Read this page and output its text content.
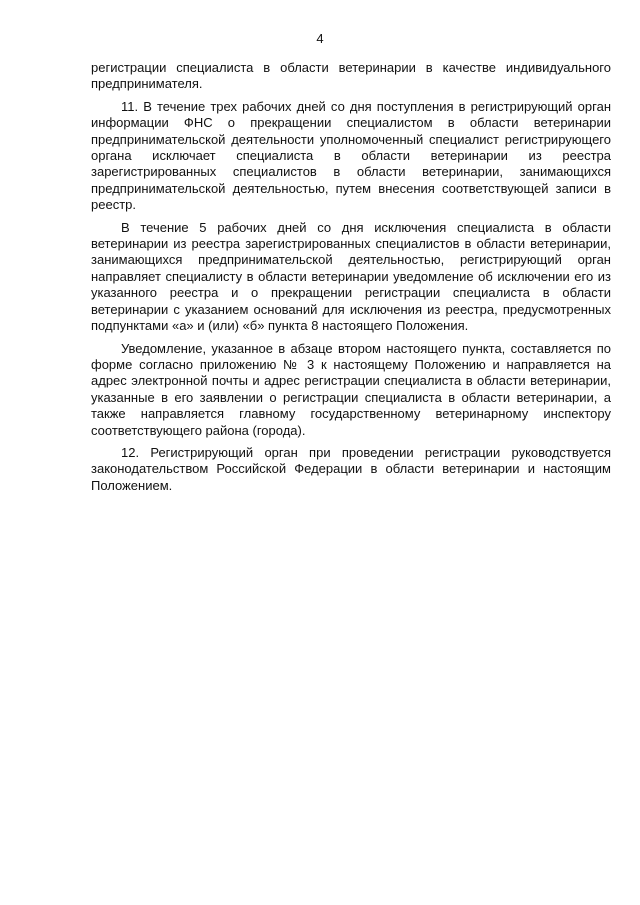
4

регистрации специалиста в области ветеринарии в качестве индивидуального предпринимателя.

11. В течение трех рабочих дней со дня поступления в регистрирующий орган информации ФНС о прекращении специалистом в области ветеринарии предпринимательской деятельности уполномоченный специалист регистрирующего органа исключает специалиста в области ветеринарии из реестра зарегистрированных специалистов в области ветеринарии, занимающихся предпринимательской деятельностью, путем внесения соответствующей записи в реестр.

В течение 5 рабочих дней со дня исключения специалиста в области ветеринарии из реестра зарегистрированных специалистов в области ветеринарии, занимающихся предпринимательской деятельностью, регистрирующий орган направляет специалисту в области ветеринарии уведомление об исключении его из указанного реестра и о прекращении регистрации специалиста в области ветеринарии с указанием оснований для исключения из реестра, предусмотренных подпунктами «а» и (или) «б» пункта 8 настоящего Положения.

Уведомление, указанное в абзаце втором настоящего пункта, составляется по форме согласно приложению № 3 к настоящему Положению и направляется на адрес электронной почты и адрес регистрации специалиста в области ветеринарии, указанные в его заявлении о регистрации специалиста в области ветеринарии, а также направляется главному государственному ветеринарному инспектору соответствующего района (города).

12. Регистрирующий орган при проведении регистрации руководствуется законодательством Российской Федерации в области ветеринарии и настоящим Положением.
